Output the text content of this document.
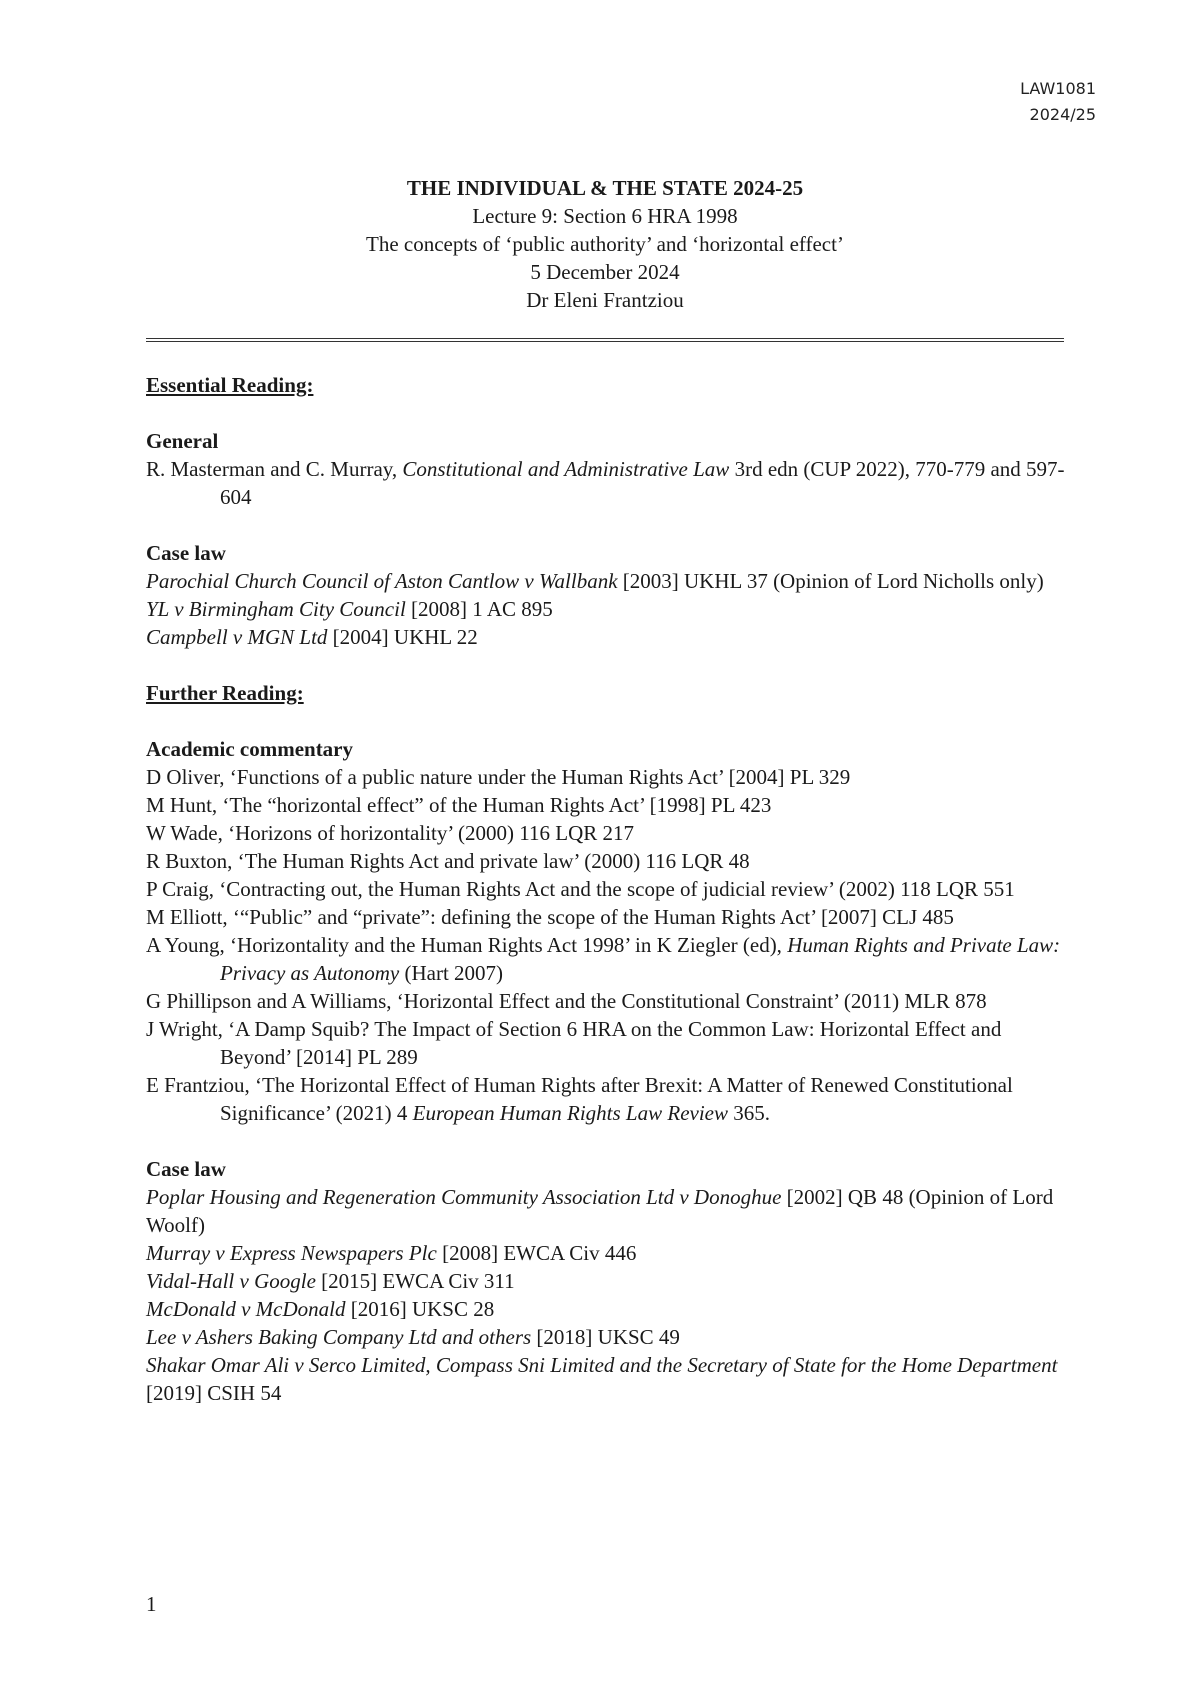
LAW1081
2024/25
THE INDIVIDUAL & THE STATE 2024-25
Lecture 9: Section 6 HRA 1998
The concepts of ‘public authority’ and ‘horizontal effect’
5 December 2024
Dr Eleni Frantziou
Essential Reading:
General
R. Masterman and C. Murray, Constitutional and Administrative Law 3rd edn (CUP 2022), 770-779 and 597-604
Case law
Parochial Church Council of Aston Cantlow v Wallbank [2003] UKHL 37 (Opinion of Lord Nicholls only)
YL v Birmingham City Council [2008] 1 AC 895
Campbell v MGN Ltd [2004] UKHL 22
Further Reading:
Academic commentary
D Oliver, ‘Functions of a public nature under the Human Rights Act’ [2004] PL 329
M Hunt, ‘The “horizontal effect” of the Human Rights Act’ [1998] PL 423
W Wade, ‘Horizons of horizontality’ (2000) 116 LQR 217
R Buxton, ‘The Human Rights Act and private law’ (2000) 116 LQR 48
P Craig, ‘Contracting out, the Human Rights Act and the scope of judicial review’ (2002) 118 LQR 551
M Elliott, ‘“Public” and “private”: defining the scope of the Human Rights Act’ [2007] CLJ 485
A Young, ‘Horizontality and the Human Rights Act 1998’ in K Ziegler (ed), Human Rights and Private Law: Privacy as Autonomy (Hart 2007)
G Phillipson and A Williams, ‘Horizontal Effect and the Constitutional Constraint’ (2011) MLR 878
J Wright, ‘A Damp Squib? The Impact of Section 6 HRA on the Common Law: Horizontal Effect and Beyond’ [2014] PL 289
E Frantziou, ‘The Horizontal Effect of Human Rights after Brexit: A Matter of Renewed Constitutional Significance’ (2021) 4 European Human Rights Law Review 365.
Case law
Poplar Housing and Regeneration Community Association Ltd v Donoghue [2002] QB 48 (Opinion of Lord Woolf)
Murray v Express Newspapers Plc [2008] EWCA Civ 446
Vidal-Hall v Google [2015] EWCA Civ 311
McDonald v McDonald [2016] UKSC 28
Lee v Ashers Baking Company Ltd and others [2018] UKSC 49
Shakar Omar Ali v Serco Limited, Compass Sni Limited and the Secretary of State for the Home Department [2019] CSIH 54
1
